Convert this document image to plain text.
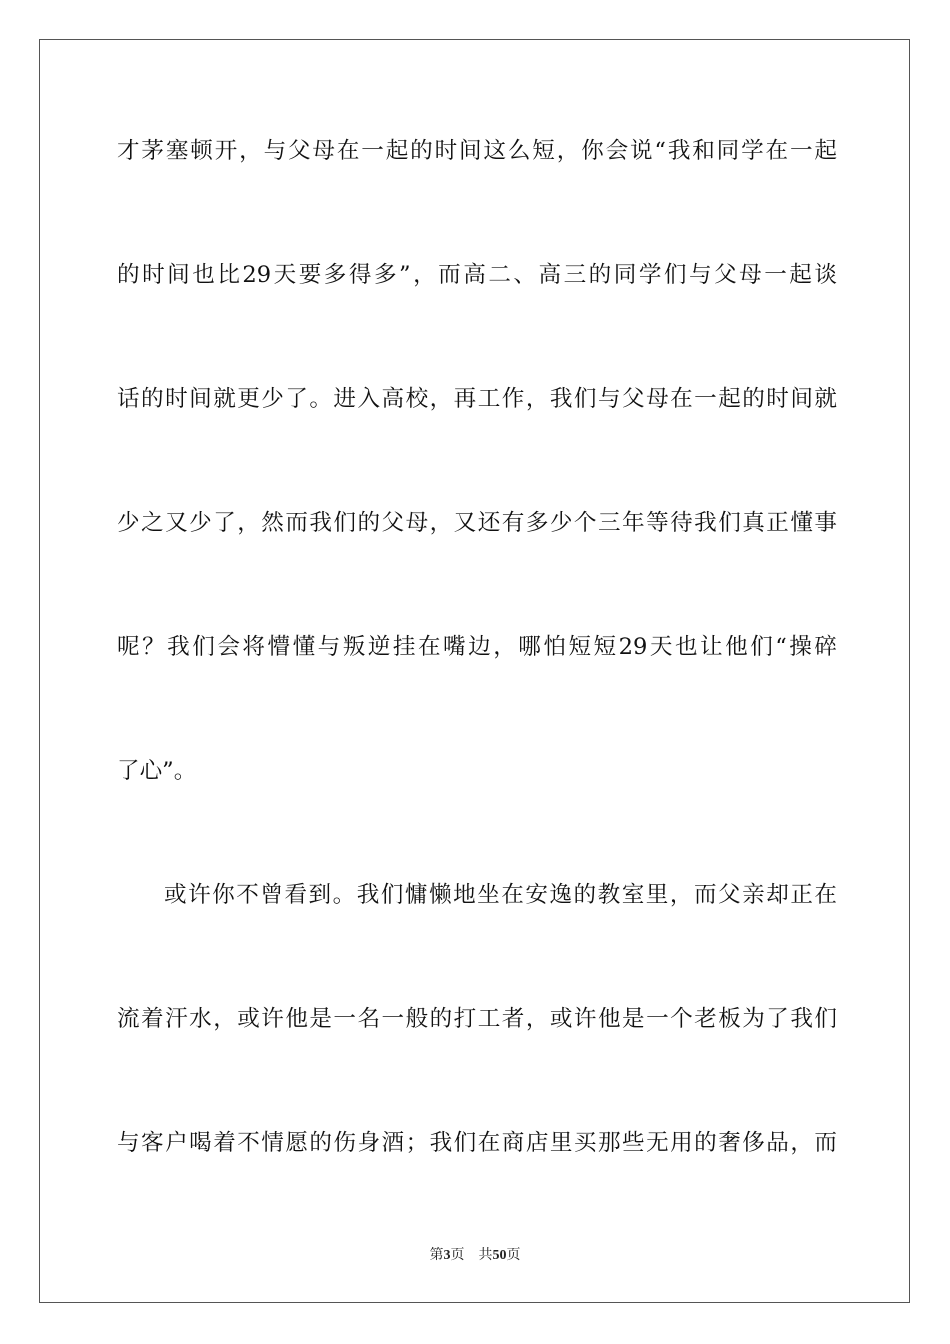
才茅塞顿开，与父母在一起的时间这么短，你会说“我和同学在一起
的时间也比29天要多得多”，而高二、高三的同学们与父母一起谈
话的时间就更少了。进入高校，再工作，我们与父母在一起的时间就
少之又少了，然而我们的父母，又还有多少个三年等待我们真正懂事
呢？我们会将懵懂与叛逆挂在嘴边，哪怕短短29天也让他们“操碎
了心”。
或许你不曾看到。我们慵懒地坐在安逸的教室里，而父亲却正在
流着汗水，或许他是一名一般的打工者，或许他是一个老板为了我们
与客户喝着不情愿的伤身酒；我们在商店里买那些无用的奢侈品，而
第3页 共50页
